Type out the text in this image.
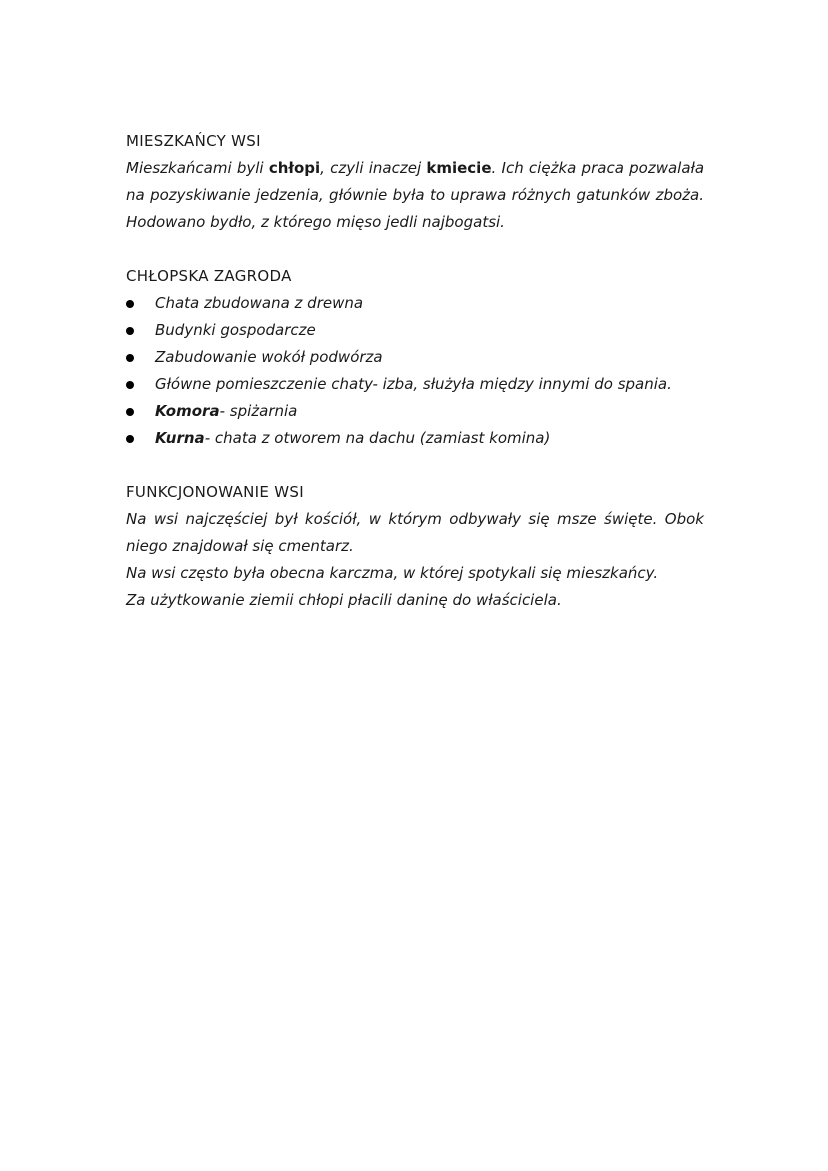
MIESZKAŃCY WSI

Mieszkańcami byli chłopi, czyli inaczej kmiecie. Ich ciężka praca pozwalała na pozyskiwanie jedzenia, głównie była to uprawa różnych gatunków zboża. Hodowano bydło, z którego mięso jedli najbogatsi.

CHŁOPSKA ZAGRODA
Chata zbudowana z drewna
Budynki gospodarcze
Zabudowanie wokół podwórza
Główne pomieszczenie chaty- izba, służyła między innymi do spania.
Komora- spiżarnia
Kurna- chata z otworem na dachu (zamiast komina)
FUNKCJONOWANIE WSI

Na wsi najczęściej był kościół, w którym odbywały się msze święte. Obok niego znajdował się cmentarz.

Na wsi często była obecna karczma, w której spotykali się mieszkańcy.

Za użytkowanie ziemii chłopi płacili daninę do właściciela.
